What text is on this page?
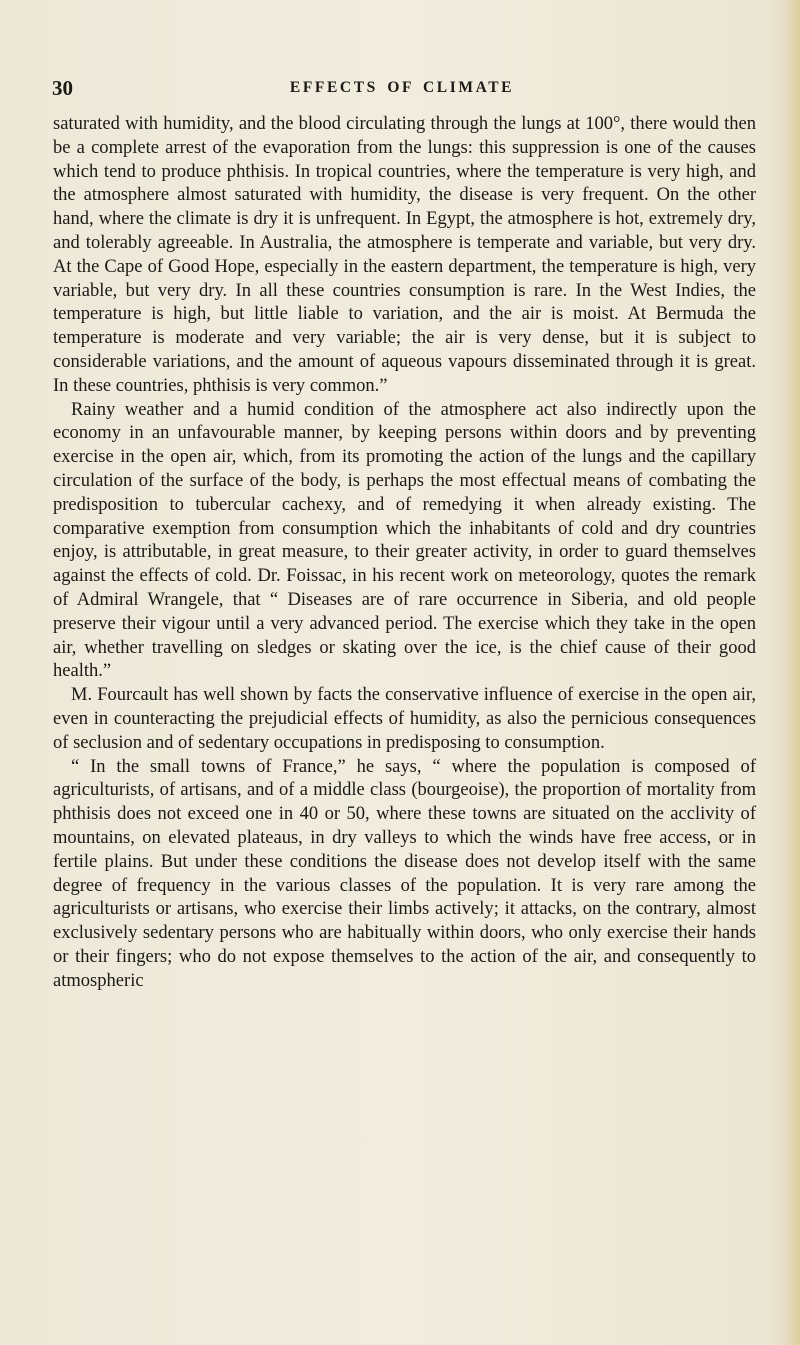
30	EFFECTS OF CLIMATE

saturated with humidity, and the blood circulating through the lungs at 100°, there would then be a complete arrest of the evaporation from the lungs: this suppression is one of the causes which tend to produce phthisis. In tropical countries, where the temperature is very high, and the atmosphere almost saturated with humidity, the disease is very frequent. On the other hand, where the climate is dry it is unfrequent. In Egypt, the atmosphere is hot, extremely dry, and tolerably agreeable. In Australia, the atmosphere is temperate and variable, but very dry. At the Cape of Good Hope, especially in the eastern department, the temperature is high, very variable, but very dry. In all these countries consumption is rare. In the West Indies, the temperature is high, but little liable to variation, and the air is moist. At Bermuda the temperature is moderate and very variable; the air is very dense, but it is subject to considerable variations, and the amount of aqueous vapours disseminated through it is great. In these countries, phthisis is very common.”

Rainy weather and a humid condition of the atmosphere act also indirectly upon the economy in an unfavourable manner, by keeping persons within doors and by preventing exercise in the open air, which, from its promoting the action of the lungs and the capillary circulation of the surface of the body, is perhaps the most effectual means of combating the predisposition to tubercular cachexy, and of remedying it when already existing. The comparative exemption from consumption which the inhabitants of cold and dry countries enjoy, is attributable, in great measure, to their greater activity, in order to guard themselves against the effects of cold. Dr. Foissac, in his recent work on meteorology, quotes the remark of Admiral Wrangele, that “ Diseases are of rare occurrence in Siberia, and old people preserve their vigour until a very advanced period. The exercise which they take in the open air, whether travelling on sledges or skating over the ice, is the chief cause of their good health.”

M. Fourcault has well shown by facts the conservative influence of exercise in the open air, even in counteracting the prejudicial effects of humidity, as also the pernicious consequences of seclusion and of sedentary occupations in predisposing to consumption.

“ In the small towns of France,” he says, “ where the population is composed of agriculturists, of artisans, and of a middle class (bourgeoise), the proportion of mortality from phthisis does not exceed one in 40 or 50, where these towns are situated on the acclivity of mountains, on elevated plateaus, in dry valleys to which the winds have free access, or in fertile plains. But under these conditions the disease does not develop itself with the same degree of frequency in the various classes of the population. It is very rare among the agriculturists or artisans, who exercise their limbs actively; it attacks, on the contrary, almost exclusively sedentary persons who are habitually within doors, who only exercise their hands or their fingers; who do not expose themselves to the action of the air, and consequently to atmospheric
